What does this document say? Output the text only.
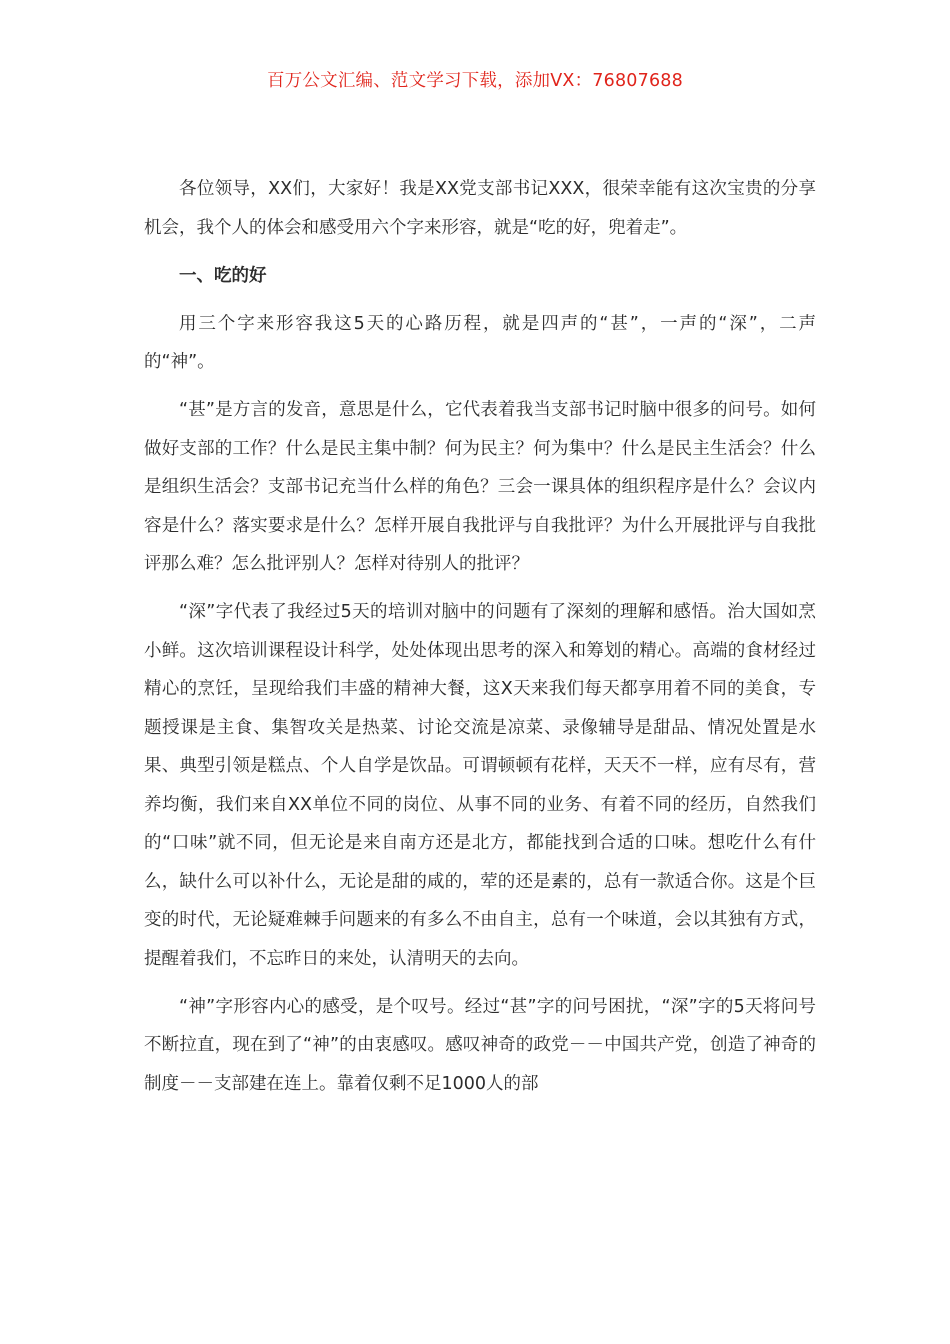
百万公文汇编、范文学习下载，添加VX：76807688

各位领导，XX们，大家好！我是XX党支部书记XXX，很荣幸能有这次宝贵的分享机会，我个人的体会和感受用六个字来形容，就是“吃的好，兜着走”。

一、吃的好

用三个字来形容我这5天的心路历程，就是四声的“甚”，一声的“深”，二声的“神”。

“甚”是方言的发音，意思是什么，它代表着我当支部书记时脑中很多的问号。如何做好支部的工作？什么是民主集中制？何为民主？何为集中？什么是民主生活会？什么是组织生活会？支部书记充当什么样的角色？三会一课具体的组织程序是什么？会议内容是什么？落实要求是什么？怎样开展自我批评与自我批评？为什么开展批评与自我批评那么难？怎么批评别人？怎样对待别人的批评？

“深”字代表了我经过5天的培训对脑中的问题有了深刻的理解和感悟。治大国如烹小鲜。这次培训课程设计科学，处处体现出思考的深入和筹划的精心。高端的食材经过精心的烹饪，呈现给我们丰盛的精神大餐，这X天来我们每天都享用着不同的美食，专题授课是主食、集智攻关是热菜、讨论交流是凉菜、录像辅导是甜品、情况处置是水果、典型引领是糕点、个人自学是饮品。可谓顿顿有花样，天天不一样，应有尽有，营养均衡，我们来自XX单位不同的岗位、从事不同的业务、有着不同的经历，自然我们的“口味”就不同，但无论是来自南方还是北方，都能找到合适的口味。想吃什么有什么，缺什么可以补什么，无论是甜的咸的，荤的还是素的，总有一款适合你。这是个巨变的时代，无论疑难棘手问题来的有多么不由自主，总有一个味道，会以其独有方式，提醒着我们，不忘昨日的来处，认清明天的去向。

“神”字形容内心的感受，是个叹号。经过“甚”字的问号困扰，“深”字的5天将问号不断拉直，现在到了“神”的由衷感叹。感叹神奇的政党－－中国共产党，创造了神奇的制度－－支部建在连上。靠着仅剩不足1000人的部
